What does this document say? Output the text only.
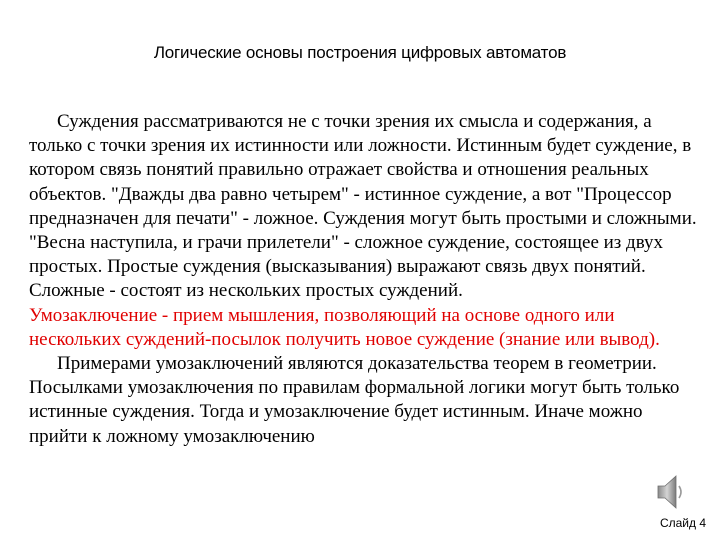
Логические основы построения цифровых автоматов

Суждения рассматриваются не с точки зрения их смысла и содержания, а только с точки зрения их истинности или ложности. Истинным будет суждение, в котором связь понятий правильно отражает свойства и отношения реальных объектов. "Дважды два равно четырем" - истинное суждение, а вот "Процессор предназначен для печати" - ложное. Суждения могут быть простыми и сложными. "Весна наступила, и грачи прилетели" - сложное суждение, состоящее из двух простых. Простые суждения (высказывания) выражают связь двух понятий. Сложные - состоят из нескольких простых суждений.

Умозаключение - прием мышления, позволяющий на основе одного или нескольких суждений-посылок получить новое суждение (знание или вывод).

Примерами умозаключений являются доказательства теорем в геометрии. Посылками умозаключения по правилам формальной логики могут быть только истинные суждения. Тогда и умозаключение будет истинным. Иначе можно прийти к ложному умозаключению

Слайд 4
